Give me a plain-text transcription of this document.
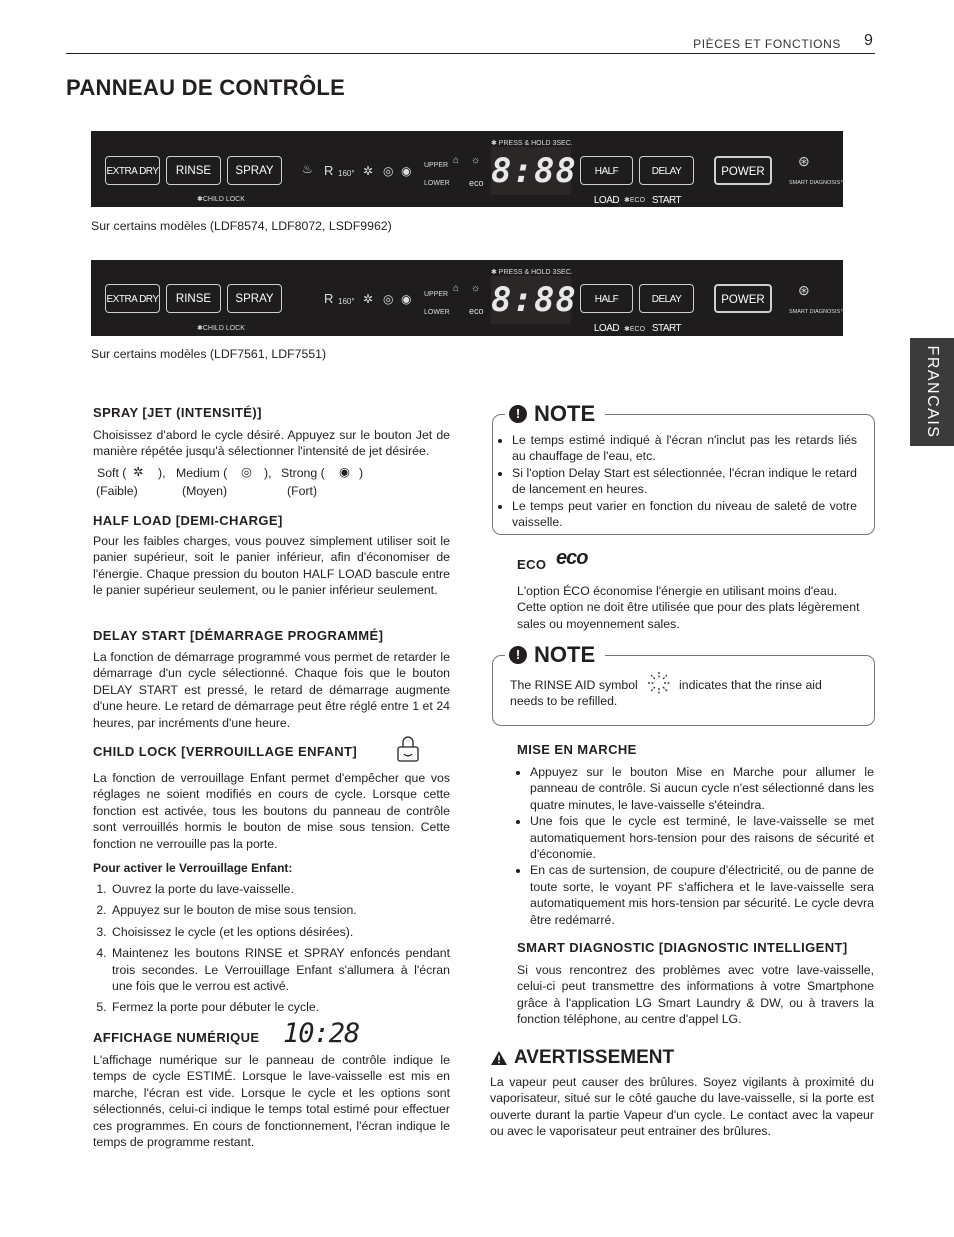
PIÈCES ET FONCTIONS 9
PANNEAU DE CONTRÔLE
FRANCAIS
EXTRA DRY	RINSE	SPRAY
✱CHILD LOCK
♨ R 160° ✲ ◎ ◉ UPPER
LOWER
⌂ ☼
eco
✱ PRESS & HOLD 3SEC.
8:88	HALF LOAD
DELAY START
✱ECO
POWER
⊛
SMART DIAGNOSIS™
Sur certains modèles (LDF8574, LDF8072, LSDF9962)
EXTRA DRY	RINSE	SPRAY
✱CHILD LOCK
R 160° ✲ ◎ ◉ UPPER
LOWER
⌂ ☼
eco
✱ PRESS & HOLD 3SEC.
8:88	HALF LOAD
DELAY START
✱ECO
POWER
⊛
SMART DIAGNOSIS™
Sur certains modèles (LDF7561, LDF7551)
SPRAY [JET (INTENSITÉ)]
Choisissez d'abord le cycle désiré. Appuyez sur le bouton Jet de manière répétée jusqu'à sélectionner l'intensité de jet désirée.
Soft ( ✲ ), Medium ( ◎ ), Strong ( ◉ )
(Faible)	(Moyen)	(Fort)
HALF LOAD [DEMI-CHARGE]
Pour les faibles charges, vous pouvez simplement utiliser soit le panier supérieur, soit le panier inférieur, afin d'économiser de l'énergie. Chaque pression du bouton HALF LOAD bascule entre le panier supérieur seulement, ou le panier inférieur seulement.
DELAY START [DÉMARRAGE PROGRAMMÉ]
La fonction de démarrage programmé vous permet de retarder le démarrage d'un cycle sélectionné. Chaque fois que le bouton DELAY START est pressé, le retard de démarrage augmente d'une heure. Le retard de démarrage peut être réglé entre 1 et 24 heures, par incréments d'une heure.
CHILD LOCK [VERROUILLAGE ENFANT]
La fonction de verrouillage Enfant permet d'empêcher que vos réglages ne soient modifiés en cours de cycle. Lorsque cette fonction est activée, tous les boutons du panneau de contrôle sont verrouillés hormis le bouton de mise sous tension. Cette fonction ne verrouille pas la porte.
Pour activer le Verrouillage Enfant:
1. Ouvrez la porte du lave-vaisselle.
2. Appuyez sur le bouton de mise sous tension.
3. Choisissez le cycle (et les options désirées).
4. Maintenez les boutons RINSE et SPRAY enfoncés pendant trois secondes. Le Verrouillage Enfant s'allumera à l'écran une fois que le verrou est activé.
5. Fermez la porte pour débuter le cycle.
AFFICHAGE NUMÉRIQUE 10:28
L'affichage numérique sur le panneau de contrôle indique le temps de cycle ESTIMÉ. Lorsque le lave-vaisselle est mis en marche, l'écran est vide. Lorsque le cycle et les options sont sélectionnés, celui-ci indique le temps total estimé pour effectuer ces programmes. En cours de fonctionnement, l'écran indique le temps de programme restant.
! NOTE
• Le temps estimé indiqué à l'écran n'inclut pas les retards liés au chauffage de l'eau, etc.
• Si l'option Delay Start est sélectionnée, l'écran indique le retard de lancement en heures.
• Le temps peut varier en fonction du niveau de saleté de votre vaisselle.
ECO eco
L'option ÉCO économise l'énergie en utilisant moins d'eau. Cette option ne doit être utilisée que pour des plats légèrement sales ou moyennement sales.
! NOTE
The RINSE AID symbol	indicates that the rinse aid needs to be refilled.
MISE EN MARCHE
• Appuyez sur le bouton Mise en Marche pour allumer le panneau de contrôle. Si aucun cycle n'est sélectionné dans les quatre minutes, le lave-vaisselle s'éteindra.
• Une fois que le cycle est terminé, le lave-vaisselle se met automatiquement hors-tension pour des raisons de sécurité et d'économie.
• En cas de surtension, de coupure d'électricité, ou de panne de toute sorte, le voyant PF s'affichera et le lave-vaisselle sera automatiquement mis hors-tension par sécurité. Le cycle devra être redémarré.
SMART DIAGNOSTIC [DIAGNOSTIC INTELLIGENT]
Si vous rencontrez des problèmes avec votre lave-vaisselle, celui-ci peut transmettre des informations à votre Smartphone grâce à l'application LG Smart Laundry & DW, ou à travers la fonction téléphone, au centre d'appel LG.
AVERTISSEMENT
La vapeur peut causer des brûlures. Soyez vigilants à proximité du vaporisateur, situé sur le côté gauche du lave-vaisselle, si la porte est ouverte durant la partie Vapeur d'un cycle. Le contact avec la vapeur ou avec le vaporisateur peut entrainer des brûlures.
